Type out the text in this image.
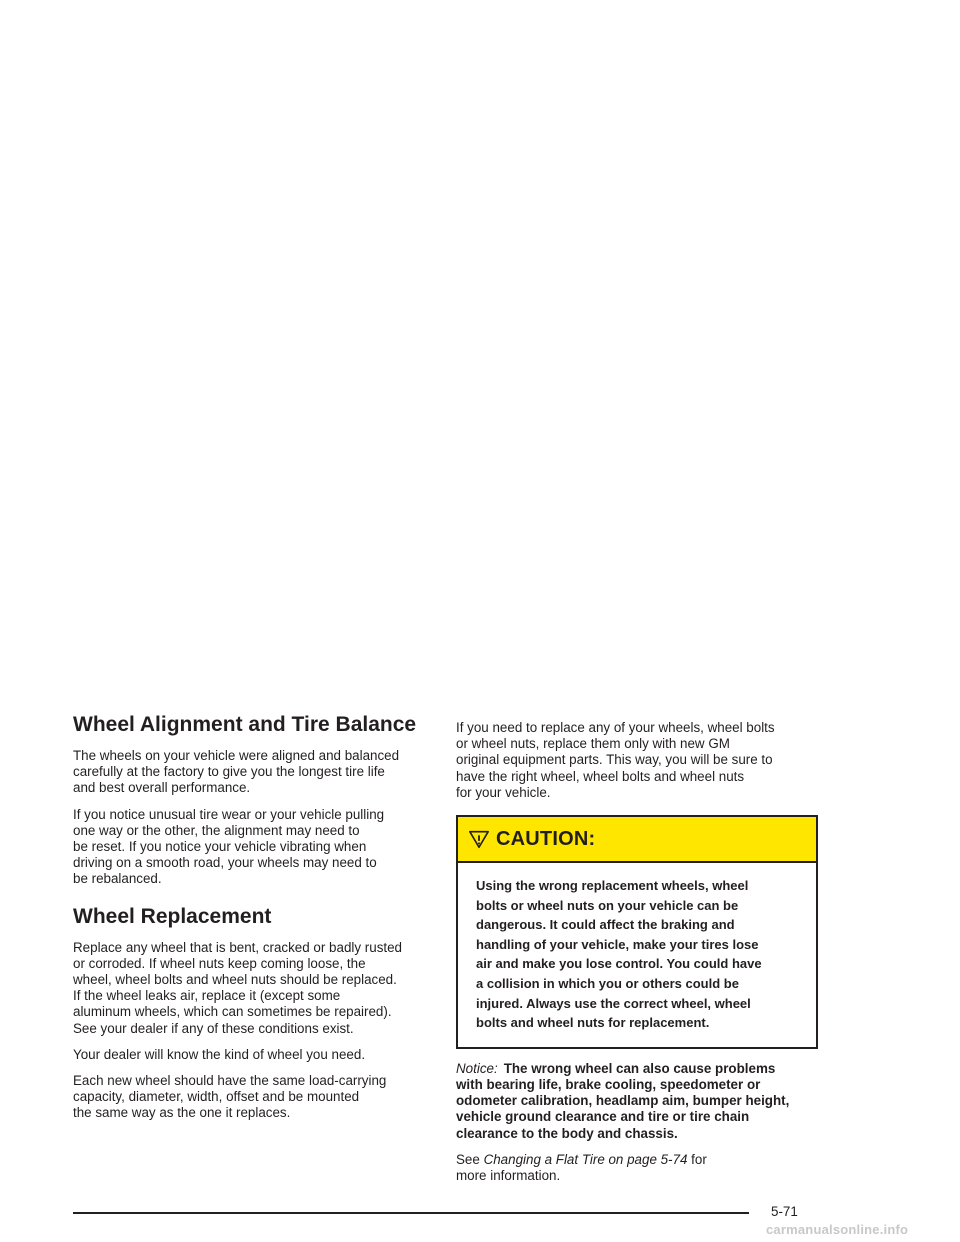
Wheel Alignment and Tire Balance

The wheels on your vehicle were aligned and balanced
carefully at the factory to give you the longest tire life
and best overall performance.

If you notice unusual tire wear or your vehicle pulling
one way or the other, the alignment may need to
be reset. If you notice your vehicle vibrating when
driving on a smooth road, your wheels may need to
be rebalanced.

Wheel Replacement

Replace any wheel that is bent, cracked or badly rusted
or corroded. If wheel nuts keep coming loose, the
wheel, wheel bolts and wheel nuts should be replaced.
If the wheel leaks air, replace it (except some
aluminum wheels, which can sometimes be repaired).
See your dealer if any of these conditions exist.

Your dealer will know the kind of wheel you need.

Each new wheel should have the same load-carrying
capacity, diameter, width, offset and be mounted
the same way as the one it replaces.

If you need to replace any of your wheels, wheel bolts
or wheel nuts, replace them only with new GM
original equipment parts. This way, you will be sure to
have the right wheel, wheel bolts and wheel nuts
for your vehicle.

CAUTION:
Using the wrong replacement wheels, wheel
bolts or wheel nuts on your vehicle can be
dangerous. It could affect the braking and
handling of your vehicle, make your tires lose
air and make you lose control. You could have
a collision in which you or others could be
injured. Always use the correct wheel, wheel
bolts and wheel nuts for replacement.

Notice: The wrong wheel can also cause problems
with bearing life, brake cooling, speedometer or
odometer calibration, headlamp aim, bumper height,
vehicle ground clearance and tire or tire chain
clearance to the body and chassis.

See Changing a Flat Tire on page 5-74 for
more information.

5-71
carmanualsonline.info
